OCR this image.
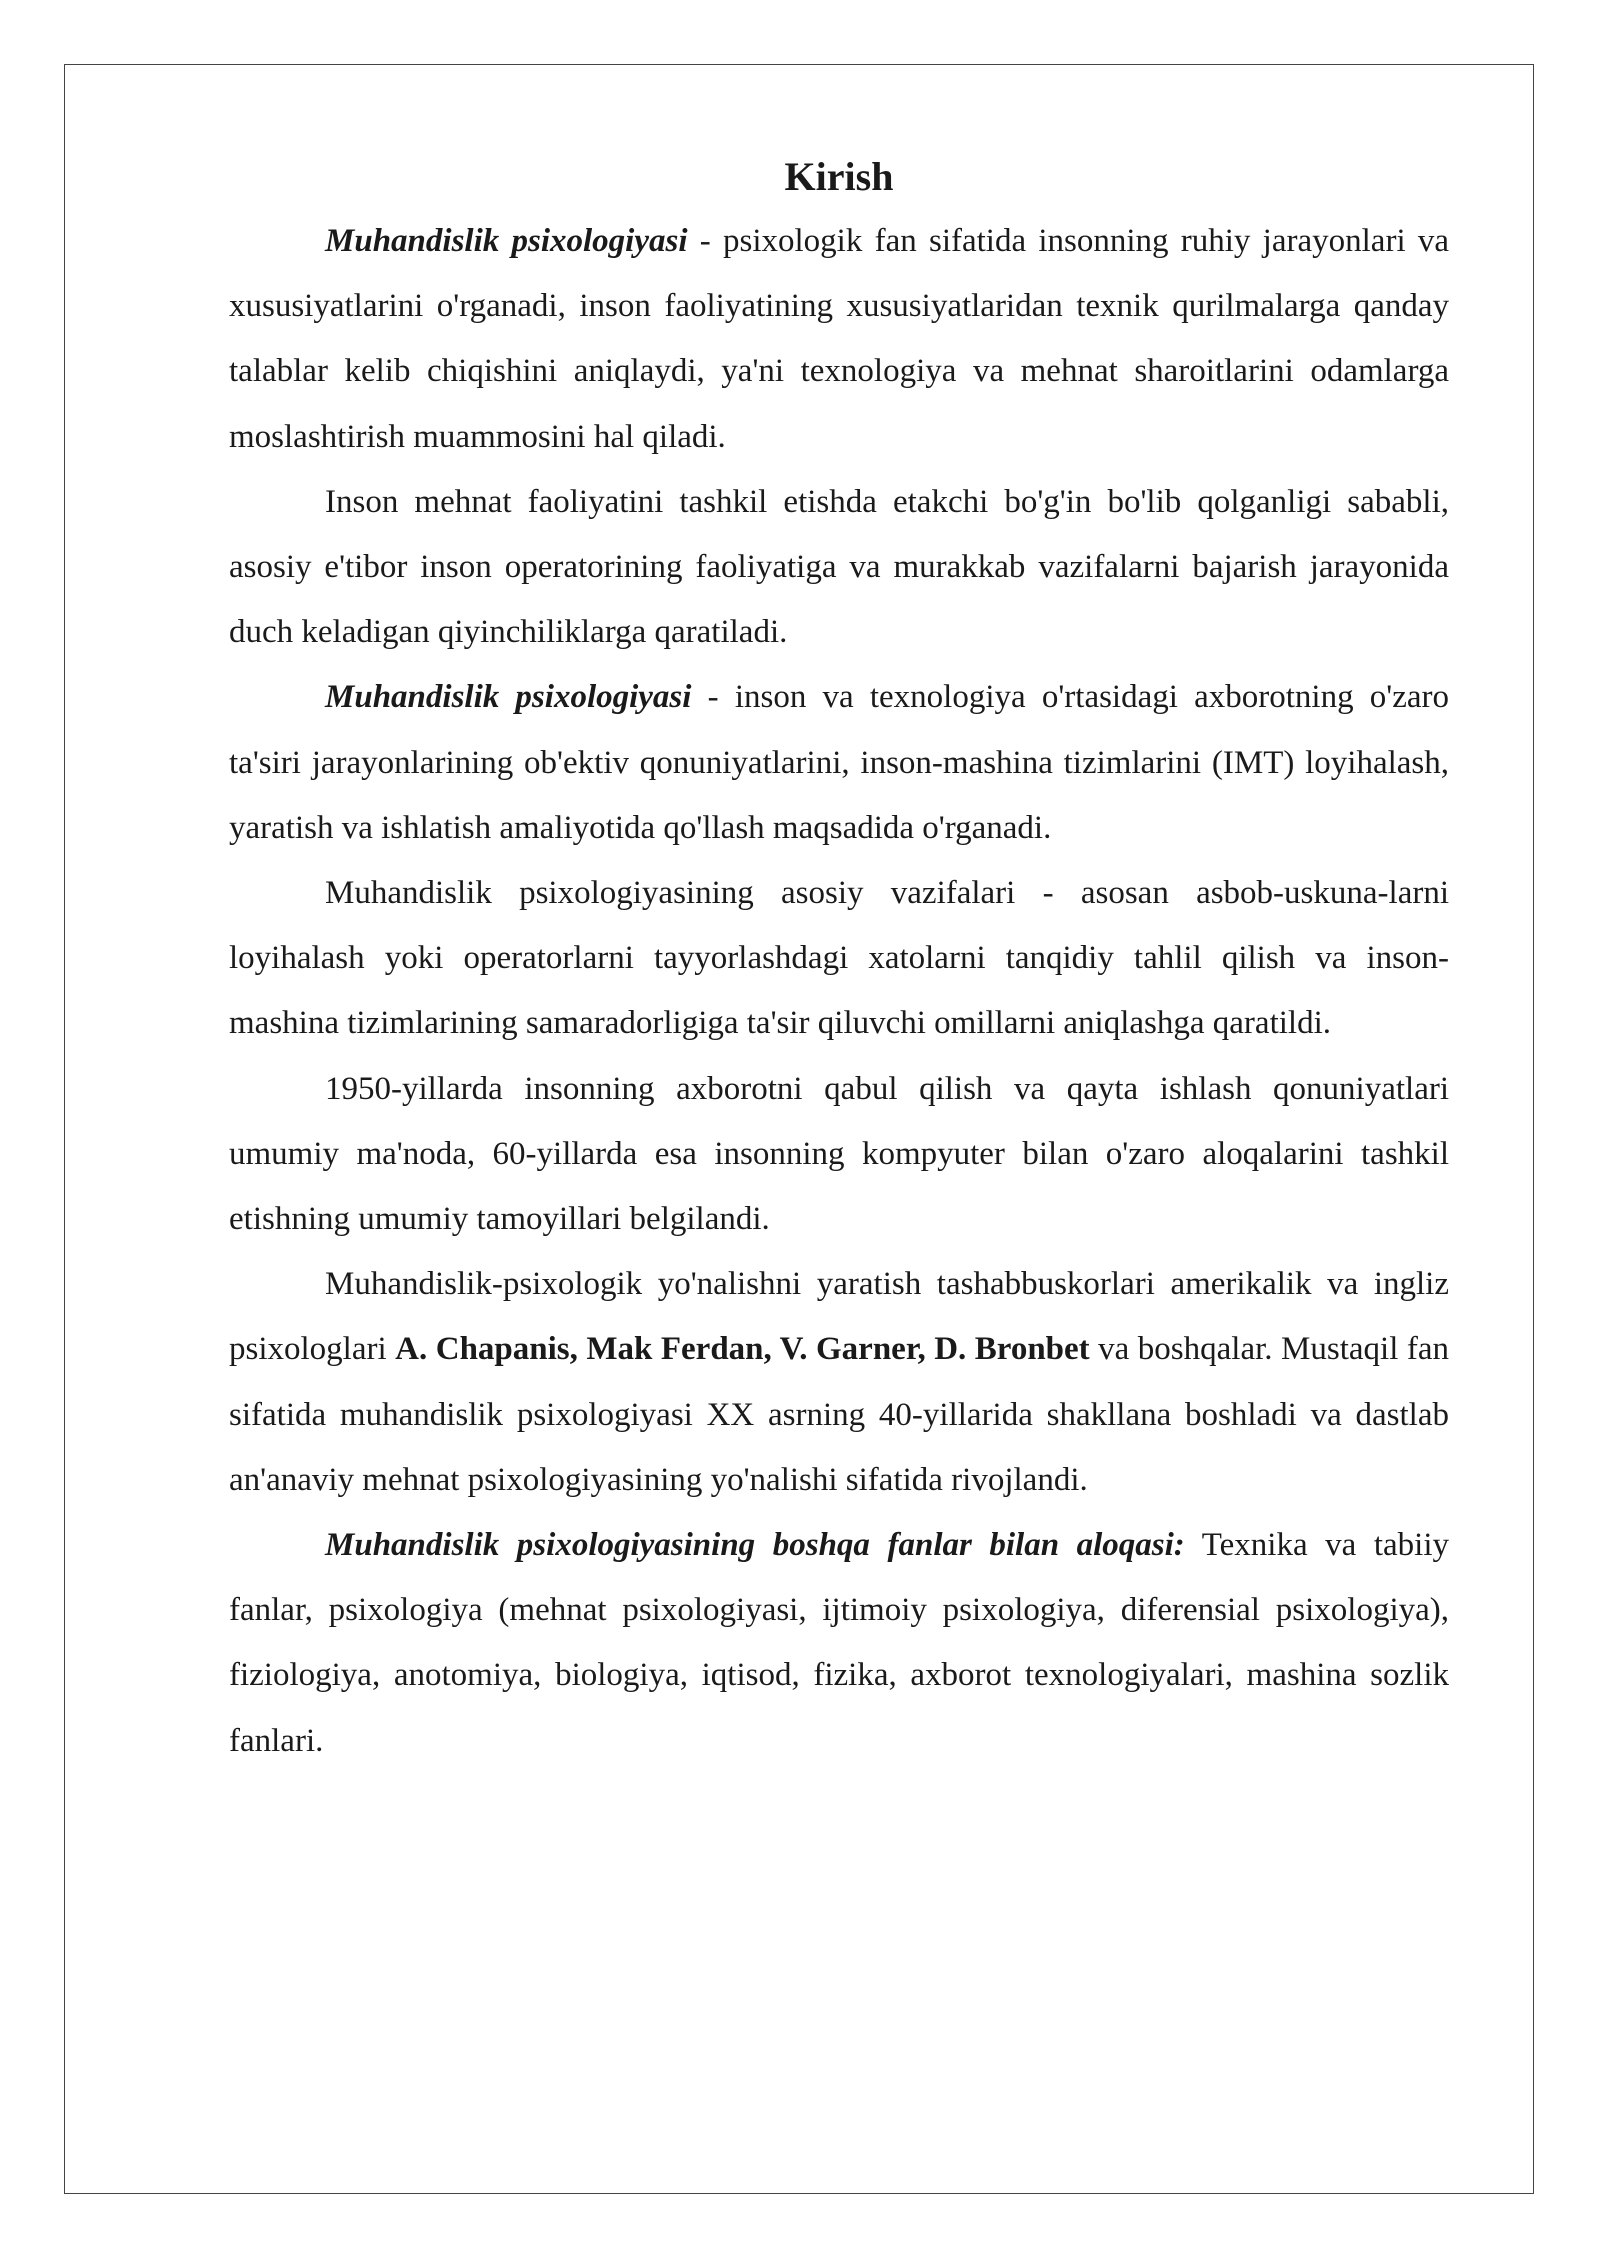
Kirish

Muhandislik psixologiyasi - psixologik fan sifatida insonning ruhiy jarayonlari va xususiyatlarini o'rganadi, inson faoliyatining xususiyatlaridan texnik qurilmalarga qanday talablar kelib chiqishini aniqlaydi, ya'ni texnologiya va mehnat sharoitlarini odamlarga moslashtirish muammosini hal qiladi.

Inson mehnat faoliyatini tashkil etishda etakchi bo'g'in bo'lib qolganligi sababli, asosiy e'tibor inson operatorining faoliyatiga va murakkab vazifalarni bajarish jarayonida duch keladigan qiyinchiliklarga qaratiladi.

Muhandislik psixologiyasi - inson va texnologiya o'rtasidagi axborotning o'zaro ta'siri jarayonlarining ob'ektiv qonuniyatlarini, inson-mashina tizimlarini (IMT) loyihalash, yaratish va ishlatish amaliyotida qo'llash maqsadida o'rganadi.

Muhandislik psixologiyasining asosiy vazifalari - asosan asbob-uskuna-larni loyihalash yoki operatorlarni tayyorlashdagi xatolarni tanqidiy tahlil qilish va inson-mashina tizimlarining samaradorligiga ta'sir qiluvchi omillarni aniqlashga qaratildi.

1950-yillarda insonning axborotni qabul qilish va qayta ishlash qonuniyatlari umumiy ma'noda, 60-yillarda esa insonning kompyuter bilan o'zaro aloqalarini tashkil etishning umumiy tamoyillari belgilandi.

Muhandislik-psixologik yo'nalishni yaratish tashabbuskorlari amerikalik va ingliz psixologlari A. Chapanis, Mak Ferdan, V. Garner, D. Bronbet va boshqalar. Mustaqil fan sifatida muhandislik psixologiyasi XX asrning 40-yillarida shakllana boshladi va dastlab an'anaviy mehnat psixologiyasining yo'nalishi sifatida rivojlandi.

Muhandislik psixologiyasining boshqa fanlar bilan aloqasi: Texnika va tabiiy fanlar, psixologiya (mehnat psixologiyasi, ijtimoiy psixologiya, diferensial psixologiya), fiziologiya, anotomiya, biologiya, iqtisod, fizika, axborot texnologiyalari, mashina sozlik fanlari.
